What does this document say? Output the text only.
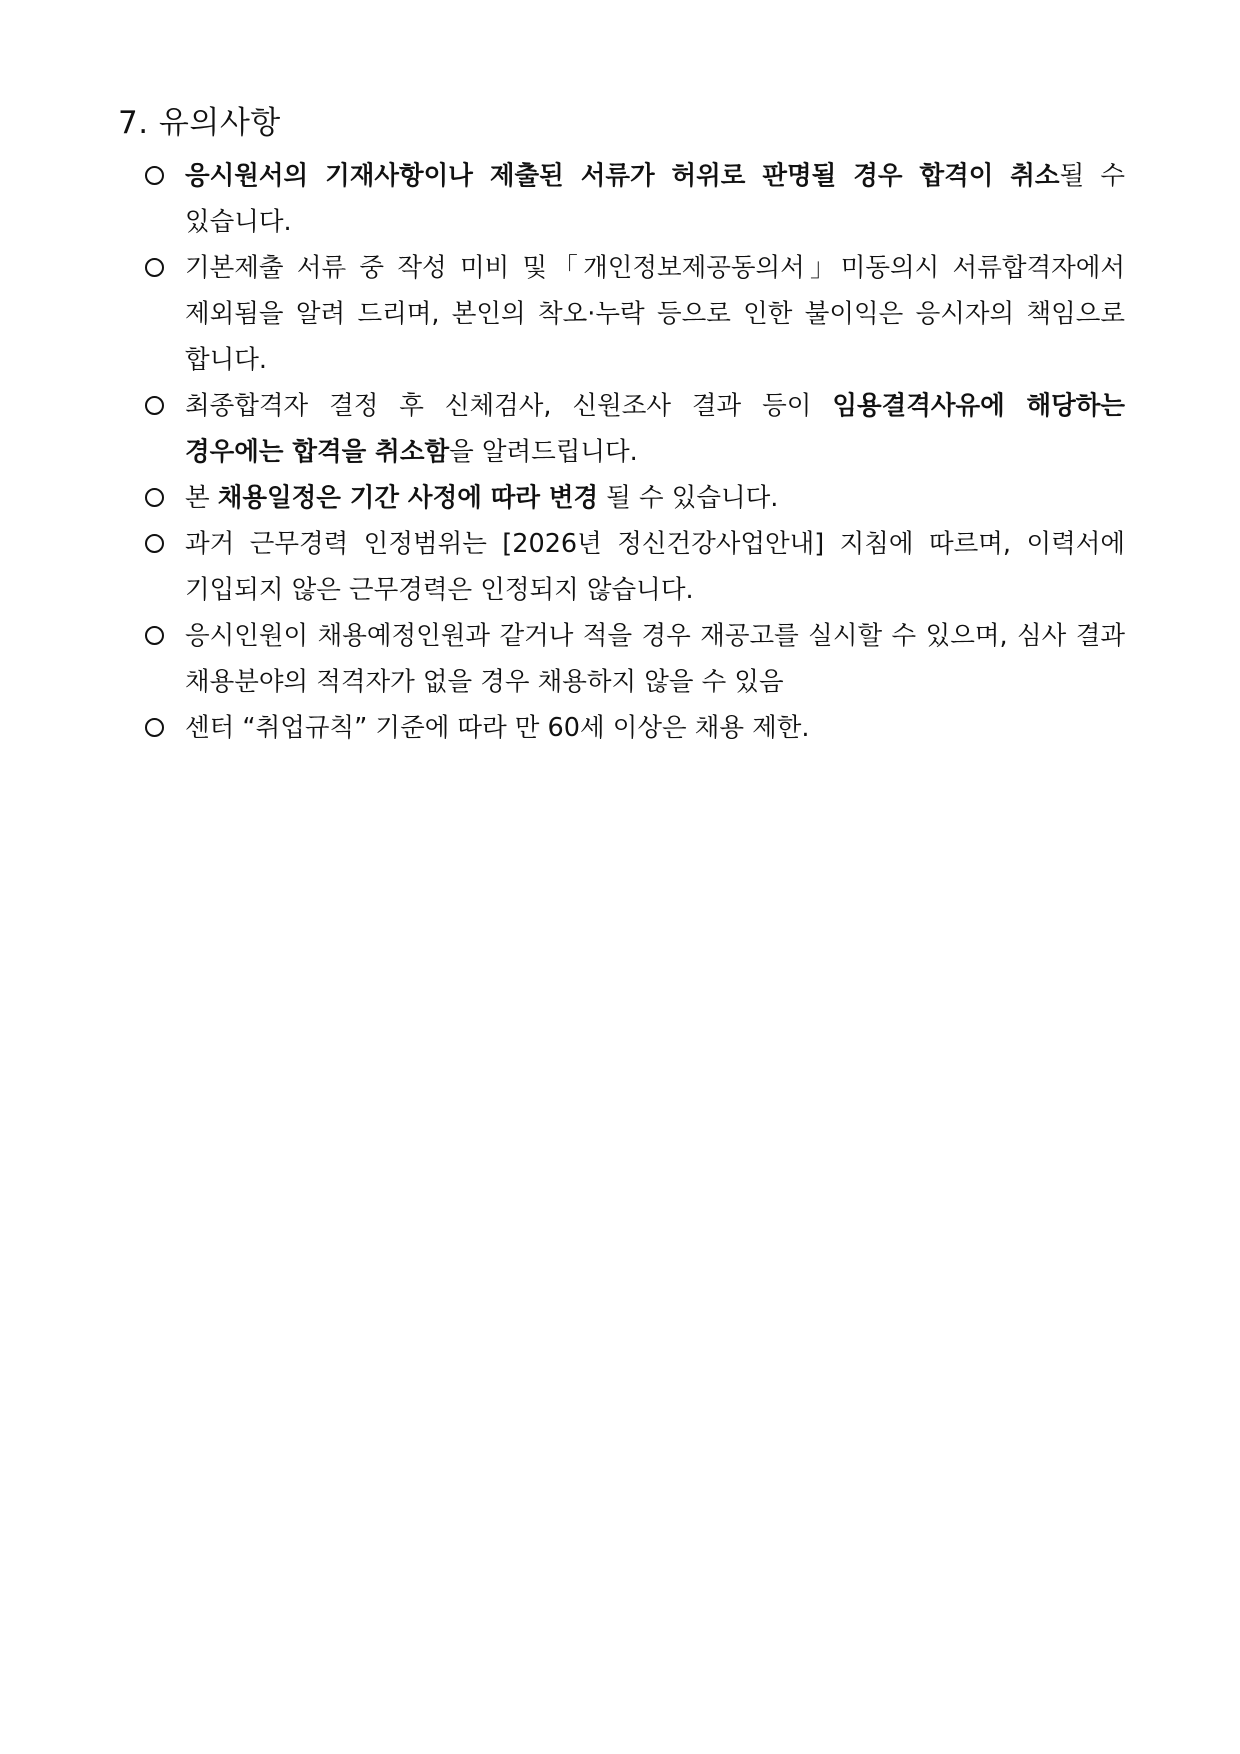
7. 유의사항
응시원서의 기재사항이나 제출된 서류가 허위로 판명될 경우 합격이 취소될 수 있습니다.
기본제출 서류 중 작성 미비 및「개인정보제공동의서」미동의시 서류합격자에서 제외됨을 알려 드리며, 본인의 착오·누락 등으로 인한 불이익은 응시자의 책임으로 합니다.
최종합격자 결정 후 신체검사, 신원조사 결과 등이 임용결격사유에 해당하는 경우에는 합격을 취소함을 알려드립니다.
본 채용일정은 기간 사정에 따라 변경 될 수 있습니다.
과거 근무경력 인정범위는 [2026년 정신건강사업안내] 지침에 따르며, 이력서에 기입되지 않은 근무경력은 인정되지 않습니다.
응시인원이 채용예정인원과 같거나 적을 경우 재공고를 실시할 수 있으며, 심사 결과 채용분야의 적격자가 없을 경우 채용하지 않을 수 있음
센터 “취업규칙” 기준에 따라 만 60세 이상은 채용 제한.
